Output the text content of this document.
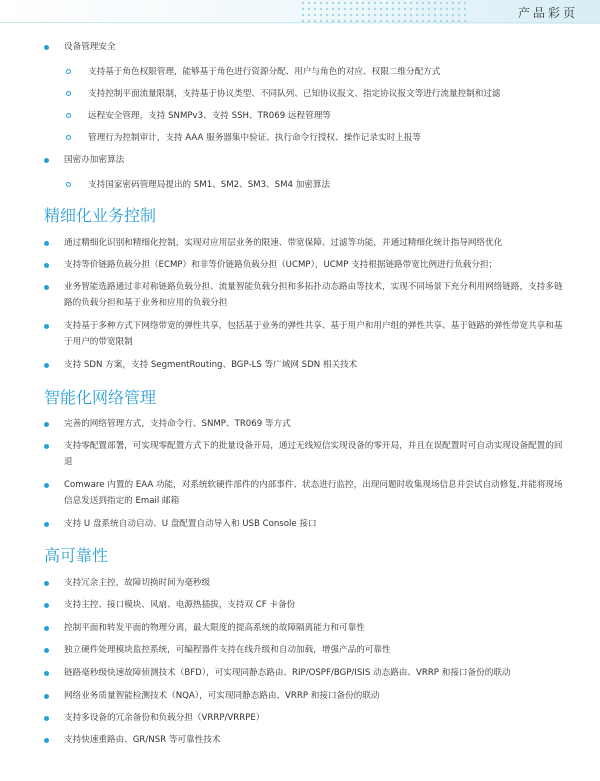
产品彩页
设备管理安全
支持基于角色权限管理，能够基于角色进行资源分配、用户与角色的对应、权限二维分配方式
支持控制平面流量限制，支持基于协议类型、不同队列、已知协议报文、指定协议报文等进行流量控制和过滤
远程安全管理，支持 SNMPv3、支持 SSH、TR069 远程管理等
管理行为控制审计，支持 AAA 服务器集中验证、执行命令行授权、操作记录实时上报等
国密办加密算法
支持国家密码管理局提出的 SM1、SM2、SM3、SM4 加密算法
精细化业务控制
通过精细化识别和精细化控制，实现对应用层业务的限速、带宽保障、过滤等功能，并通过精细化统计指导网络优化
支持等价链路负载分担（ECMP）和非等价链路负载分担（UCMP），UCMP 支持根据链路带宽比例进行负载分担；
业务智能选路通过非对称链路负载分担、流量智能负载分担和多拓扑动态路由等技术，实现不同场景下充分利用网络链路，支持多链路的负载分担和基于业务和应用的负载分担
支持基于多种方式下网络带宽的弹性共享，包括基于业务的弹性共享、基于用户和用户组的弹性共享、基于链路的弹性带宽共享和基于用户的带宽限制
支持 SDN 方案，支持 SegmentRouting、BGP-LS 等广域网 SDN 相关技术
智能化网络管理
完善的网络管理方式，支持命令行、SNMP、TR069 等方式
支持零配置部署，可实现零配置方式下的批量设备开局，通过无线短信实现设备的零开局，并且在误配置时可自动实现设备配置的回退
Comware 内置的 EAA 功能，对系统软硬件部件的内部事件、状态进行监控，出现问题时收集现场信息并尝试自动修复,并能将现场信息发送到指定的 Email 邮箱
支持 U 盘系统自动启动、U 盘配置自动导入和 USB Console 接口
高可靠性
支持冗余主控，故障切换时间为毫秒级
支持主控、接口模块、风扇、电源热插拔，支持双 CF 卡备份
控制平面和转发平面的物理分离，最大限度的提高系统的故障隔离能力和可靠性
独立硬件处理模块监控系统，可编程器件支持在线升级和自动加载，增强产品的可靠性
链路毫秒级快速故障侦测技术（BFD），可实现同静态路由、RIP/OSPF/BGP/ISIS 动态路由、VRRP 和接口备份的联动
网络业务质量智能检测技术（NQA），可实现同静态路由、VRRP 和接口备份的联动
支持多设备的冗余备份和负载分担（VRRP/VRRPE）
支持快速重路由、GR/NSR 等可靠性技术
